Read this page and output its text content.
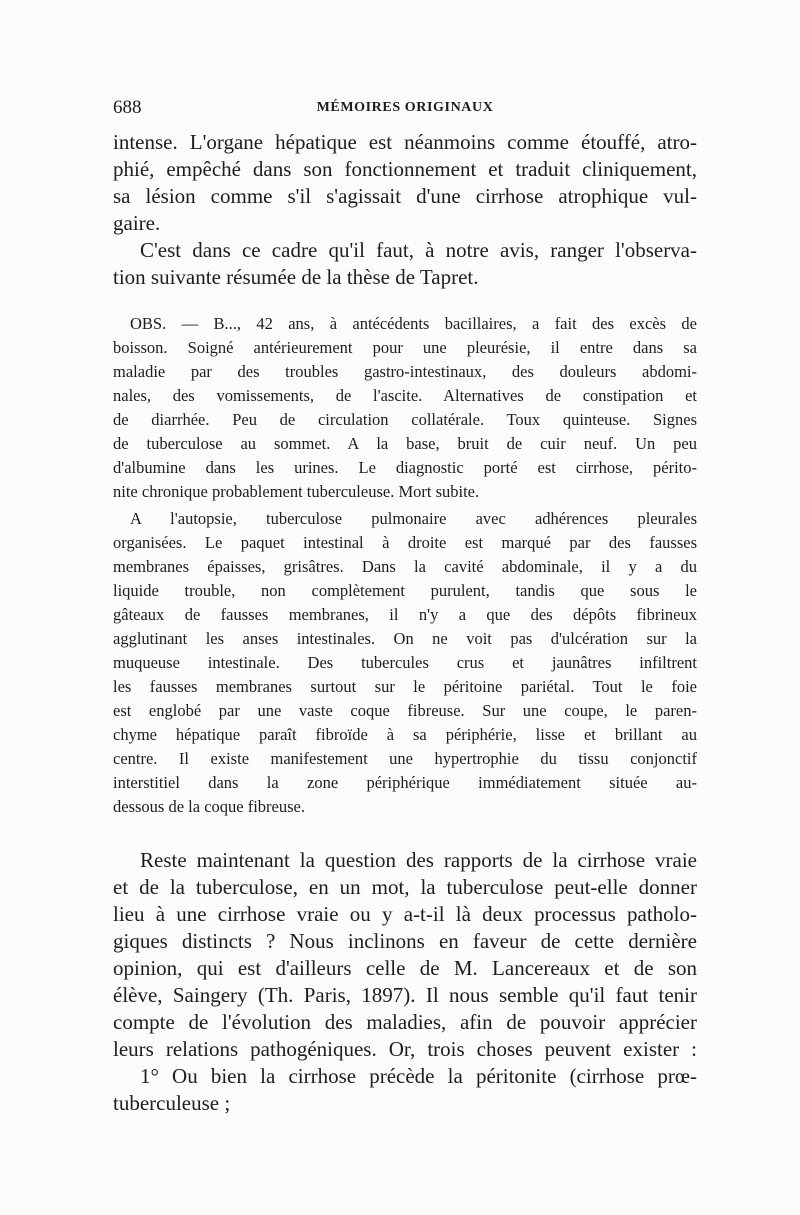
688	MÉMOIRES ORIGINAUX
intense. L'organe hépatique est néanmoins comme étouffé, atro-
phié, empêché dans son fonctionnement et traduit cliniquement,
sa lésion comme s'il s'agissait d'une cirrhose atrophique vul-
gaire.
C'est dans ce cadre qu'il faut, à notre avis, ranger l'observa-
tion suivante résumée de la thèse de Tapret.
OBS. — B..., 42 ans, à antécédents bacillaires, a fait des excès de
boisson. Soigné antérieurement pour une pleurésie, il entre dans sa
maladie par des troubles gastro-intestinaux, des douleurs abdomi-
nales, des vomissements, de l'ascite. Alternatives de constipation et
de diarrhée. Peu de circulation collatérale. Toux quinteuse. Signes
de tuberculose au sommet. A la base, bruit de cuir neuf. Un peu
d'albumine dans les urines. Le diagnostic porté est cirrhose, périto-
nite chronique probablement tuberculeuse. Mort subite.
A l'autopsie, tuberculose pulmonaire avec adhérences pleurales
organisées. Le paquet intestinal à droite est marqué par des fausses
membranes épaisses, grisâtres. Dans la cavité abdominale, il y a du
liquide trouble, non complètement purulent, tandis que sous le
gâteaux de fausses membranes, il n'y a que des dépôts fibrineux
agglutinant les anses intestinales. On ne voit pas d'ulcération sur la
muqueuse intestinale. Des tubercules crus et jaunâtres infiltrent
les fausses membranes surtout sur le péritoine pariétal. Tout le foie
est englobé par une vaste coque fibreuse. Sur une coupe, le paren-
chyme hépatique paraît fibroïde à sa périphérie, lisse et brillant au
centre. Il existe manifestement une hypertrophie du tissu conjonctif
interstitiel dans la zone périphérique immédiatement située au-
dessous de la coque fibreuse.
Reste maintenant la question des rapports de la cirrhose vraie
et de la tuberculose, en un mot, la tuberculose peut-elle donner
lieu à une cirrhose vraie ou y a-t-il là deux processus patholo-
giques distincts ? Nous inclinons en faveur de cette dernière
opinion, qui est d'ailleurs celle de M. Lancereaux et de son
élève, Saingery (Th. Paris, 1897). Il nous semble qu'il faut tenir
compte de l'évolution des maladies, afin de pouvoir apprécier
leurs relations pathogéniques. Or, trois choses peuvent exister :
1° Ou bien la cirrhose précède la péritonite (cirrhose prœ-
tuberculeuse ;
